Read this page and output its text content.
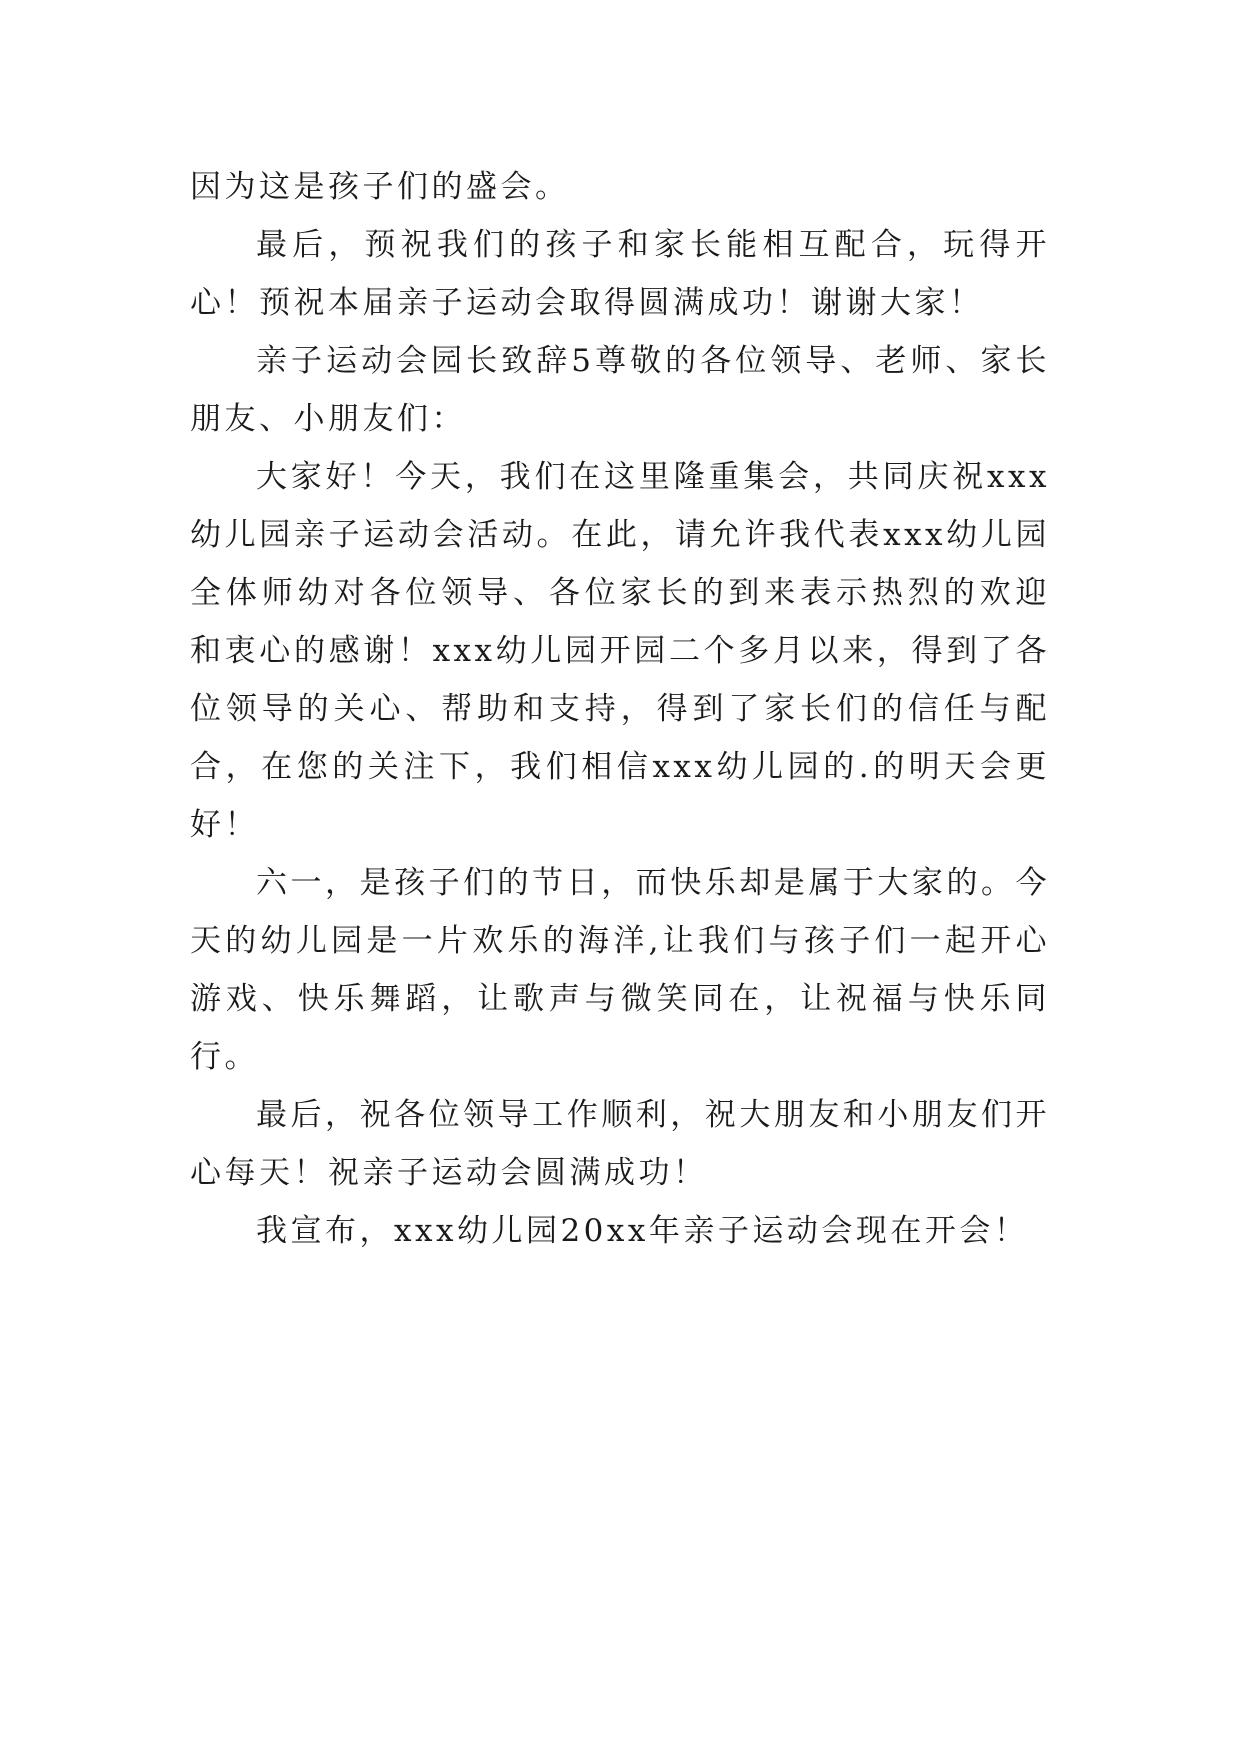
因为这是孩子们的盛会。

最后，预祝我们的孩子和家长能相互配合，玩得开心！预祝本届亲子运动会取得圆满成功！谢谢大家！

亲子运动会园长致辞5尊敬的各位领导、老师、家长朋友、小朋友们：

大家好！今天，我们在这里隆重集会，共同庆祝xxx幼儿园亲子运动会活动。在此，请允许我代表xxx幼儿园全体师幼对各位领导、各位家长的到来表示热烈的欢迎和衷心的感谢！xxx幼儿园开园二个多月以来，得到了各位领导的关心、帮助和支持，得到了家长们的信任与配合，在您的关注下，我们相信xxx幼儿园的.的明天会更好！

六一，是孩子们的节日，而快乐却是属于大家的。今天的幼儿园是一片欢乐的海洋,让我们与孩子们一起开心游戏、快乐舞蹈，让歌声与微笑同在，让祝福与快乐同行。

最后，祝各位领导工作顺利，祝大朋友和小朋友们开心每天！祝亲子运动会圆满成功！

我宣布，xxx幼儿园20xx年亲子运动会现在开会！
